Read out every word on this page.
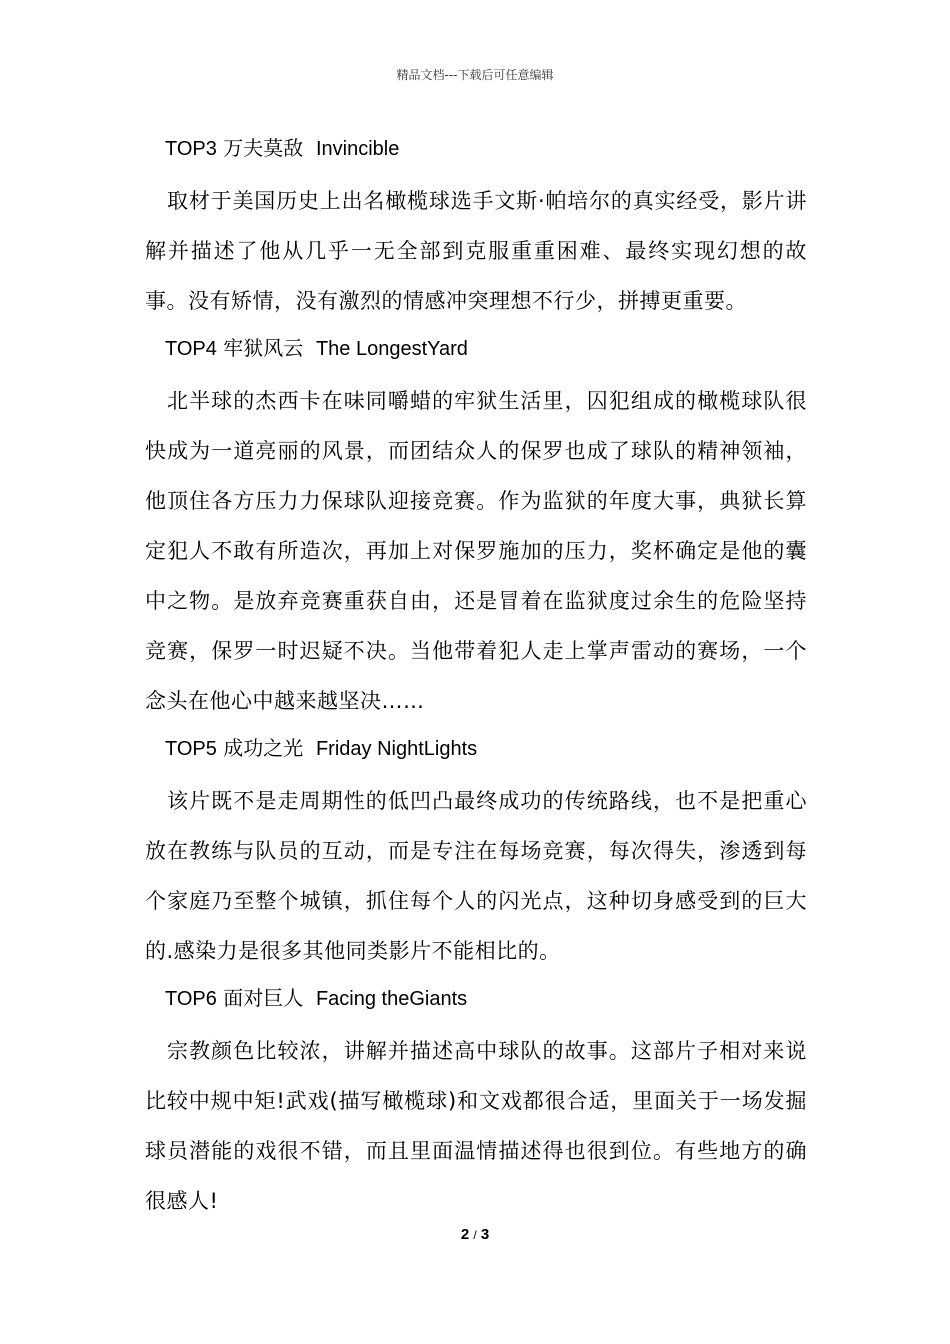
精品文档---下载后可任意编辑
TOP3 万夫莫敌 Invincible

取材于美国历史上出名橄榄球选手文斯·帕培尔的真实经受，影片讲解并描述了他从几乎一无全部到克服重重困难、最终实现幻想的故事。没有矫情，没有激烈的情感冲突理想不行少，拼搏更重要。

TOP4 牢狱风云 The LongestYard

北半球的杰西卡在味同嚼蜡的牢狱生活里，囚犯组成的橄榄球队很快成为一道亮丽的风景，而团结众人的保罗也成了球队的精神领袖，他顶住各方压力力保球队迎接竞赛。作为监狱的年度大事，典狱长算定犯人不敢有所造次，再加上对保罗施加的压力，奖杯确定是他的囊中之物。是放弃竞赛重获自由，还是冒着在监狱度过余生的危险坚持竞赛，保罗一时迟疑不决。当他带着犯人走上掌声雷动的赛场，一个念头在他心中越来越坚决……

TOP5 成功之光 Friday NightLights

该片既不是走周期性的低凹凸最终成功的传统路线，也不是把重心放在教练与队员的互动，而是专注在每场竞赛，每次得失，渗透到每个家庭乃至整个城镇，抓住每个人的闪光点，这种切身感受到的巨大的.感染力是很多其他同类影片不能相比的。

TOP6 面对巨人 Facing theGiants

宗教颜色比较浓，讲解并描述高中球队的故事。这部片子相对来说比较中规中矩!武戏(描写橄榄球)和文戏都很合适，里面关于一场发掘球员潜能的戏很不错，而且里面温情描述得也很到位。有些地方的确很感人!

2 / 3
